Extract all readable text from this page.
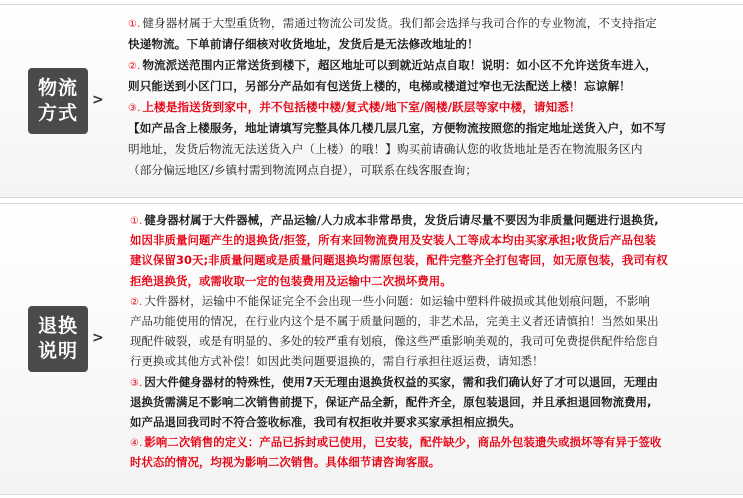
物流
方式
>
①. 健身器材属于大型重货物，需通过物流公司发货。我们都会选择与我司合作的专业物流，不支持指定
快递物流。下单前请仔细核对收货地址，发货后是无法修改地址的！
②. 物流派送范围内正常送货到楼下，超区地址可以到就近站点自取！说明：如小区不允许送货车进入，
则只能送到小区门口，另部分产品如有包送货上楼的，电梯或楼道过窄也无法配送上楼！忘谅解！
③. 上楼是指送货到家中，并不包括楼中楼/复式楼/地下室/阁楼/跃层等家中楼，请知悉！
【如产品含上楼服务，地址请填写完整具体几楼几层几室，方便物流按照您的指定地址送货入户，如不写
明地址，发货后物流无法送货入户（上楼）的哦！】购买前请确认您的收货地址是否在物流服务区内
（部分偏远地区/乡镇村需到物流网点自提），可联系在线客服查询；
退换
说明
>
①. 健身器材属于大件器械，产品运输/人力成本非常昂贵，发货后请尽量不要因为非质量问题进行退换货,
如因非质量问题产生的退换货/拒签，所有来回物流费用及安装人工等成本均由买家承担;收货后产品包装
建议保留30天;非质量问题或是质量问题退换均需原包装，配件完整齐全打包寄回，如无原包装，我司有权
拒绝退换货，或需收取一定的包装费用及运输中二次损坏费用。
②. 大件器材，运输中不能保证完全不会出现一些小问题：如运输中塑料件破损或其他划痕问题，不影响
产品功能使用的情况，在行业内这个是不属于质量问题的，非艺术品，完美主义者还请慎拍！当然如果出
现配件破裂，或是有明显的、多处的较严重有划痕，像这些严重影响美观的，我司可免费提供配件给您自
行更换或其他方式补偿！如因此类问题要退换的，需自行承担往返运费，请知悉！
③. 因大件健身器材的特殊性，使用7天无理由退换货权益的买家，需和我们确认好了才可以退回，无理由
退换货需满足不影响二次销售前提下，保证产品全新，配件齐全，原包装退回，并且承担退回物流费用,
如产品退回我司时不符合签收标准，我司有权拒收并要求买家承担相应损失。
④. 影响二次销售的定义：产品已拆封或已使用，已安装，配件缺少，商品外包装遗失或损坏等有异于签收
时状态的情况，均视为影响二次销售。具体细节请咨询客服。
